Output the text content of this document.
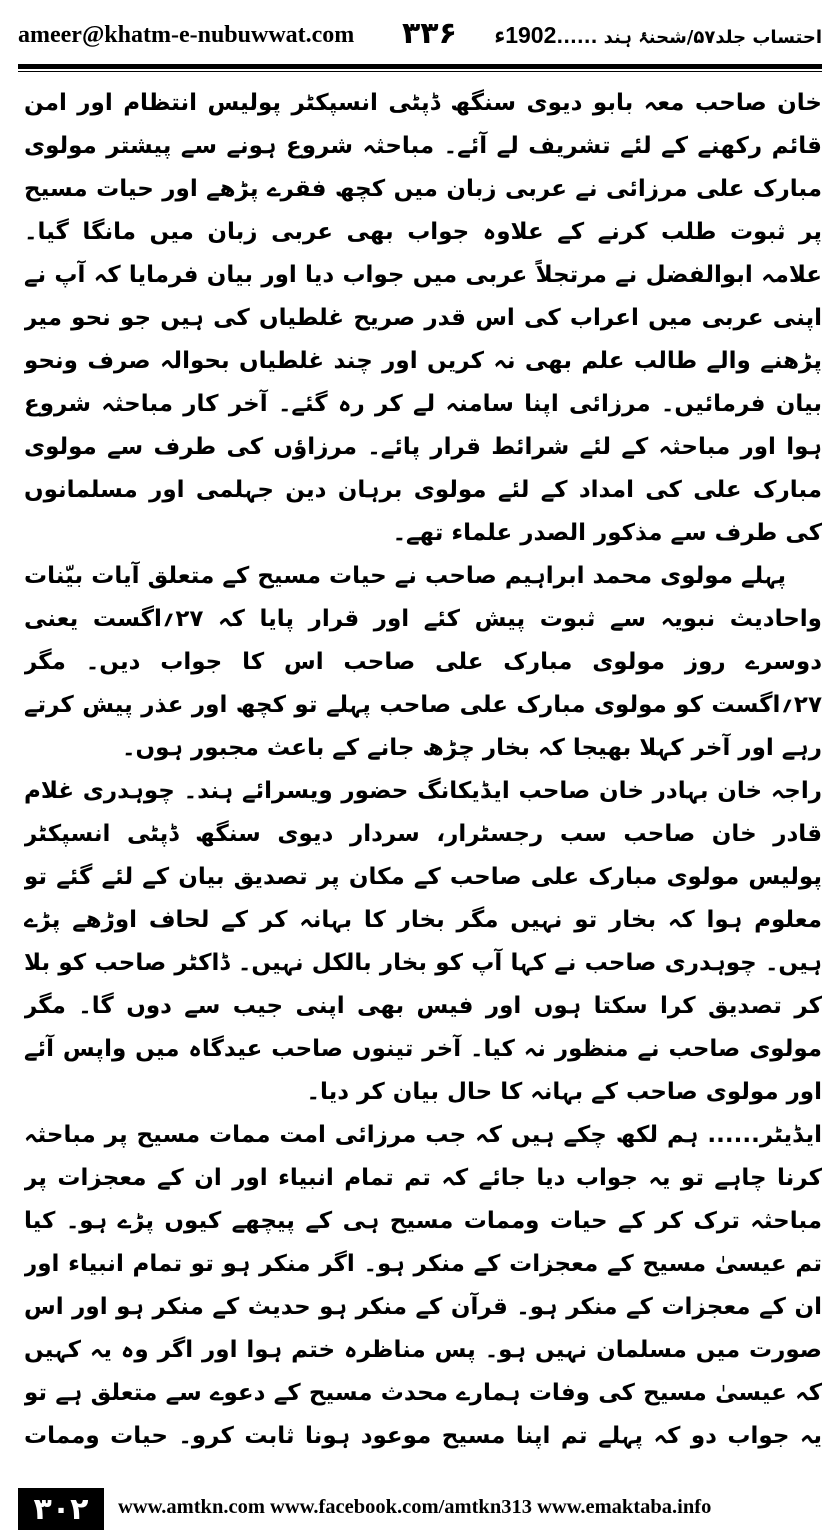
ameer@khatm-e-nubuwwat.com ۳۳۶	احتساب جلد۵۷/شحنۂ ہند ......1902ء

خان صاحب معہ بابو دیوی سنگھ ڈپٹی انسپکٹر پولیس انتظام اور امن قائم رکھنے کے لئے تشریف لے آئے۔ مباحثہ شروع ہونے سے پیشتر مولوی مبارک علی مرزائی نے عربی زبان میں کچھ فقرے پڑھے اور حیات مسیح پر ثبوت طلب کرنے کے علاوہ جواب بھی عربی زبان میں مانگا گیا۔ علامہ ابوالفضل نے مرتجلاً عربی میں جواب دیا اور بیان فرمایا کہ آپ نے اپنی عربی میں اعراب کی اس قدر صریح غلطیاں کی ہیں جو نحو میر پڑھنے والے طالب علم بھی نہ کریں اور چند غلطیاں بحوالہ صرف ونحو بیان فرمائیں۔ مرزائی اپنا سامنہ لے کر رہ گئے۔ آخر کار مباحثہ شروع ہوا اور مباحثہ کے لئے شرائط قرار پائے۔ مرزاؤں کی طرف سے مولوی مبارک علی کی امداد کے لئے مولوی برہان دین جہلمی اور مسلمانوں کی طرف سے مذکور الصدر علماء تھے۔

پہلے مولوی محمد ابراہیم صاحب نے حیات مسیح کے متعلق آیات بیّنات واحادیث نبویہ سے ثبوت پیش کئے اور قرار پایا کہ ۲۷؍اگست یعنی دوسرے روز مولوی مبارک علی صاحب اس کا جواب دیں۔ مگر ۲۷؍اگست کو مولوی مبارک علی صاحب پہلے تو کچھ اور عذر پیش کرتے رہے اور آخر کہلا بھیجا کہ بخار چڑھ جانے کے باعث مجبور ہوں۔

راجہ خان بہادر خان صاحب ایڈیکانگ حضور ویسرائے ہند۔ چوہدری غلام قادر خان صاحب سب رجسٹرار، سردار دیوی سنگھ ڈپٹی انسپکٹر پولیس مولوی مبارک علی صاحب کے مکان پر تصدیق بیان کے لئے گئے تو معلوم ہوا کہ بخار تو نہیں مگر بخار کا بہانہ کر کے لحاف اوڑھے پڑے ہیں۔ چوہدری صاحب نے کہا آپ کو بخار بالکل نہیں۔ ڈاکٹر صاحب کو بلا کر تصدیق کرا سکتا ہوں اور فیس بھی اپنی جیب سے دوں گا۔ مگر مولوی صاحب نے منظور نہ کیا۔ آخر تینوں صاحب عیدگاہ میں واپس آئے اور مولوی صاحب کے بہانہ کا حال بیان کر دیا۔

ایڈیٹر...... ہم لکھ چکے ہیں کہ جب مرزائی امت ممات مسیح پر مباحثہ کرنا چاہے تو یہ جواب دیا جائے کہ تم تمام انبیاء اور ان کے معجزات پر مباحثہ ترک کر کے حیات وممات مسیح ہی کے پیچھے کیوں پڑے ہو۔ کیا تم عیسیٰ مسیح کے معجزات کے منکر ہو۔ اگر منکر ہو تو تمام انبیاء اور ان کے معجزات کے منکر ہو۔ قرآن کے منکر ہو حدیث کے منکر ہو اور اس صورت میں مسلمان نہیں ہو۔ پس مناظرہ ختم ہوا اور اگر وہ یہ کہیں کہ عیسیٰ مسیح کی وفات ہمارے محدث مسیح کے دعوے سے متعلق ہے تو یہ جواب دو کہ پہلے تم اپنا مسیح موعود ہونا ثابت کرو۔ حیات وممات

۳۰۲	www.amtkn.com www.facebook.com/amtkn313 www.emaktaba.info
